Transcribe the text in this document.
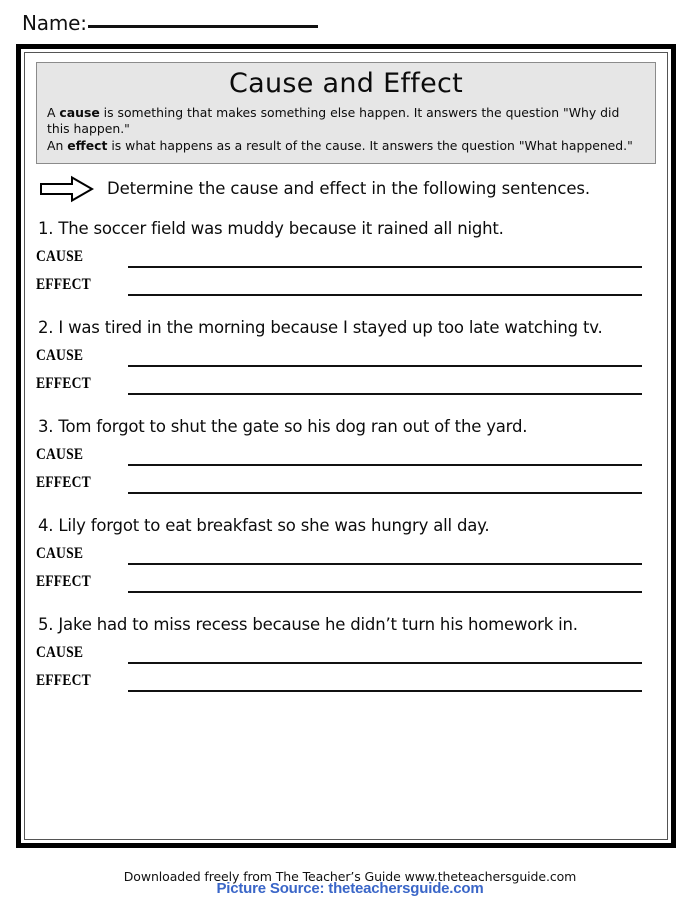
Name:
Cause and Effect

A cause is something that makes something else happen. It answers the question "Why did this happen."

An effect is what happens as a result of the cause. It answers the question "What happened."

Determine the cause and effect in the following sentences.

1. The soccer field was muddy because it rained all night.

CAUSE
EFFECT

2. I was tired in the morning because I stayed up too late watching tv.

CAUSE
EFFECT

3. Tom forgot to shut the gate so his dog ran out of the yard.

CAUSE
EFFECT

4. Lily forgot to eat breakfast so she was hungry all day.

CAUSE
EFFECT

5. Jake had to miss recess because he didn’t turn his homework in.

CAUSE
EFFECT
Downloaded freely from The Teacher’s Guide www.theteachersguide.com
Picture Source: theteachersguide.com
